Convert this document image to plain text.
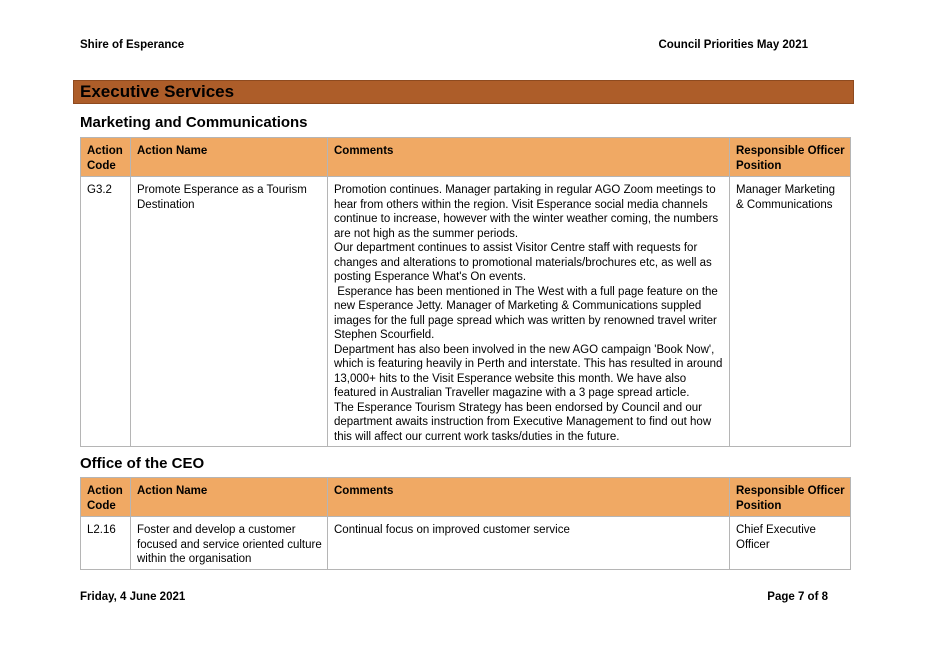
Shire of Esperance	Council Priorities May 2021
Executive Services
Marketing and Communications
Action Code	Action Name	Comments	Responsible Officer Position
G3.2	Promote Esperance as a Tourism Destination	Promotion continues. Manager partaking in regular AGO Zoom meetings to hear from others within the region. Visit Esperance social media channels continue to increase, however with the winter weather coming, the numbers are not high as the summer periods.
Our department continues to assist Visitor Centre staff with requests for changes and alterations to promotional materials/brochures etc, as well as posting Esperance What's On events.
Esperance has been mentioned in The West with a full page feature on the new Esperance Jetty. Manager of Marketing & Communications suppled images for the full page spread which was written by renowned travel writer Stephen Scourfield.
Department has also been involved in the new AGO campaign 'Book Now', which is featuring heavily in Perth and interstate. This has resulted in around 13,000+ hits to the Visit Esperance website this month. We have also featured in Australian Traveller magazine with a 3 page spread article.
The Esperance Tourism Strategy has been endorsed by Council and our department awaits instruction from Executive Management to find out how this will affect our current work tasks/duties in the future.	Manager Marketing & Communications
Office of the CEO
Action Code	Action Name	Comments	Responsible Officer Position
L2.16	Foster and develop a customer focused and service oriented culture within the organisation	Continual focus on improved customer service	Chief Executive Officer
Friday, 4 June 2021	Page 7 of 8
